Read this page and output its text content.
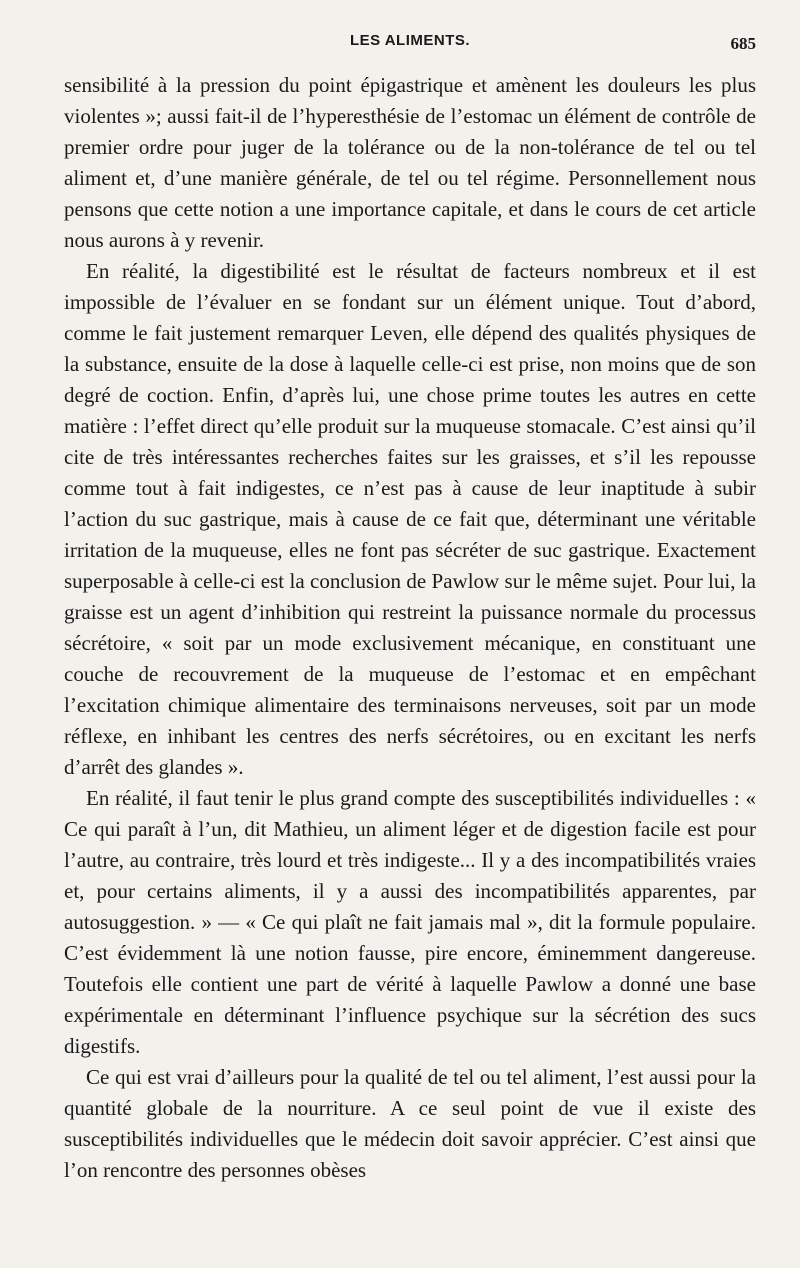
LES ALIMENTS.	685

sensibilité à la pression du point épigastrique et amènent les douleurs les plus violentes »; aussi fait-il de l’hyperesthésie de l’estomac un élément de contrôle de premier ordre pour juger de la tolérance ou de la non-tolérance de tel ou tel aliment et, d’une manière générale, de tel ou tel régime. Personnellement nous pensons que cette notion a une importance capitale, et dans le cours de cet article nous aurons à y revenir.

En réalité, la digestibilité est le résultat de facteurs nombreux et il est impossible de l’évaluer en se fondant sur un élément unique. Tout d’abord, comme le fait justement remarquer Leven, elle dépend des qualités physiques de la substance, ensuite de la dose à laquelle celle-ci est prise, non moins que de son degré de coction. Enfin, d’après lui, une chose prime toutes les autres en cette matière : l’effet direct qu’elle produit sur la muqueuse stomacale. C’est ainsi qu’il cite de très intéressantes recherches faites sur les graisses, et s’il les repousse comme tout à fait indigestes, ce n’est pas à cause de leur inaptitude à subir l’action du suc gastrique, mais à cause de ce fait que, déterminant une véritable irritation de la muqueuse, elles ne font pas sécréter de suc gastrique. Exactement superposable à celle-ci est la conclusion de Pawlow sur le même sujet. Pour lui, la graisse est un agent d’inhibition qui restreint la puissance normale du processus sécrétoire, « soit par un mode exclusivement mécanique, en constituant une couche de recouvrement de la muqueuse de l’estomac et en empêchant l’excitation chimique alimentaire des terminaisons nerveuses, soit par un mode réflexe, en inhibant les centres des nerfs sécrétoires, ou en excitant les nerfs d’arrêt des glandes ».

En réalité, il faut tenir le plus grand compte des susceptibilités individuelles : « Ce qui paraît à l’un, dit Mathieu, un aliment léger et de digestion facile est pour l’autre, au contraire, très lourd et très indigeste... Il y a des incompatibilités vraies et, pour certains aliments, il y a aussi des incompatibilités apparentes, par autosuggestion. » — « Ce qui plaît ne fait jamais mal », dit la formule populaire. C’est évidemment là une notion fausse, pire encore, éminemment dangereuse. Toutefois elle contient une part de vérité à laquelle Pawlow a donné une base expérimentale en déterminant l’influence psychique sur la sécrétion des sucs digestifs.

Ce qui est vrai d’ailleurs pour la qualité de tel ou tel aliment, l’est aussi pour la quantité globale de la nourriture. A ce seul point de vue il existe des susceptibilités individuelles que le médecin doit savoir apprécier. C’est ainsi que l’on rencontre des personnes obèses
